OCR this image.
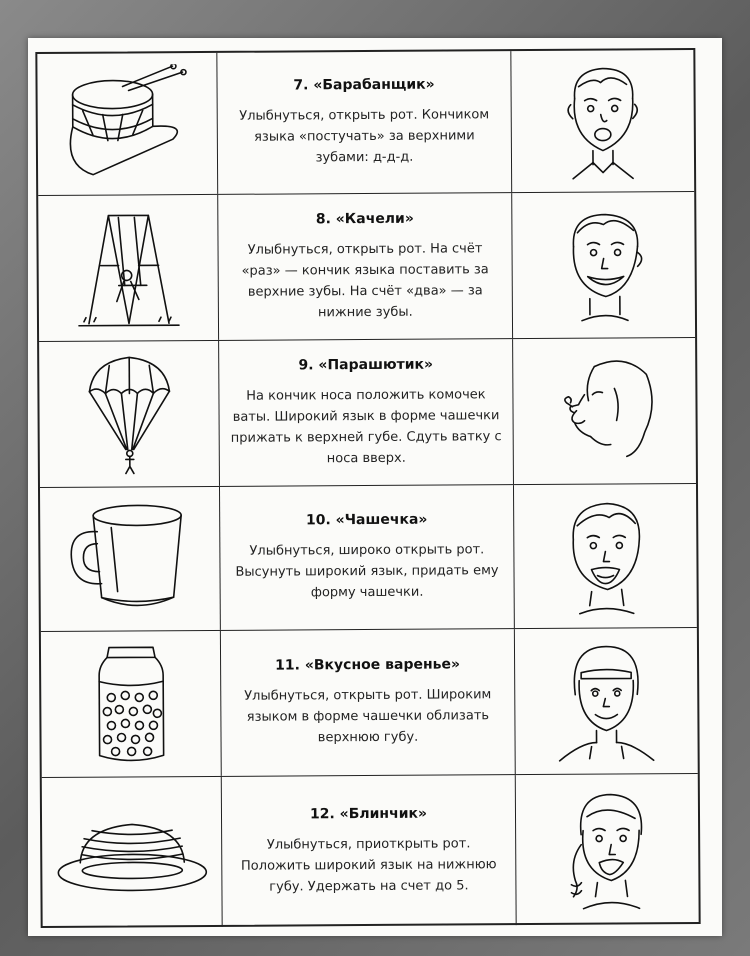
7. «Барабанщик»
Улыбнуться, открыть рот. Кончиком языка «постучать» за верхними зубами: д-д-д.
8. «Качели»
Улыбнуться, открыть рот. На счёт «раз» — кончик языка поставить за верхние зубы. На счёт «два» — за нижние зубы.
9. «Парашютик»
На кончик носа положить комочек ваты. Широкий язык в форме чашечки прижать к верхней губе. Сдуть ватку с носа вверх.
10. «Чашечка»
Улыбнуться, широко открыть рот. Высунуть широкий язык, придать ему форму чашечки.
11. «Вкусное варенье»
Улыбнуться, открыть рот. Широким языком в форме чашечки облизать верхнюю губу.
12. «Блинчик»
Улыбнуться, приоткрыть рот. Положить широкий язык на нижнюю губу. Удержать на счет до 5.
